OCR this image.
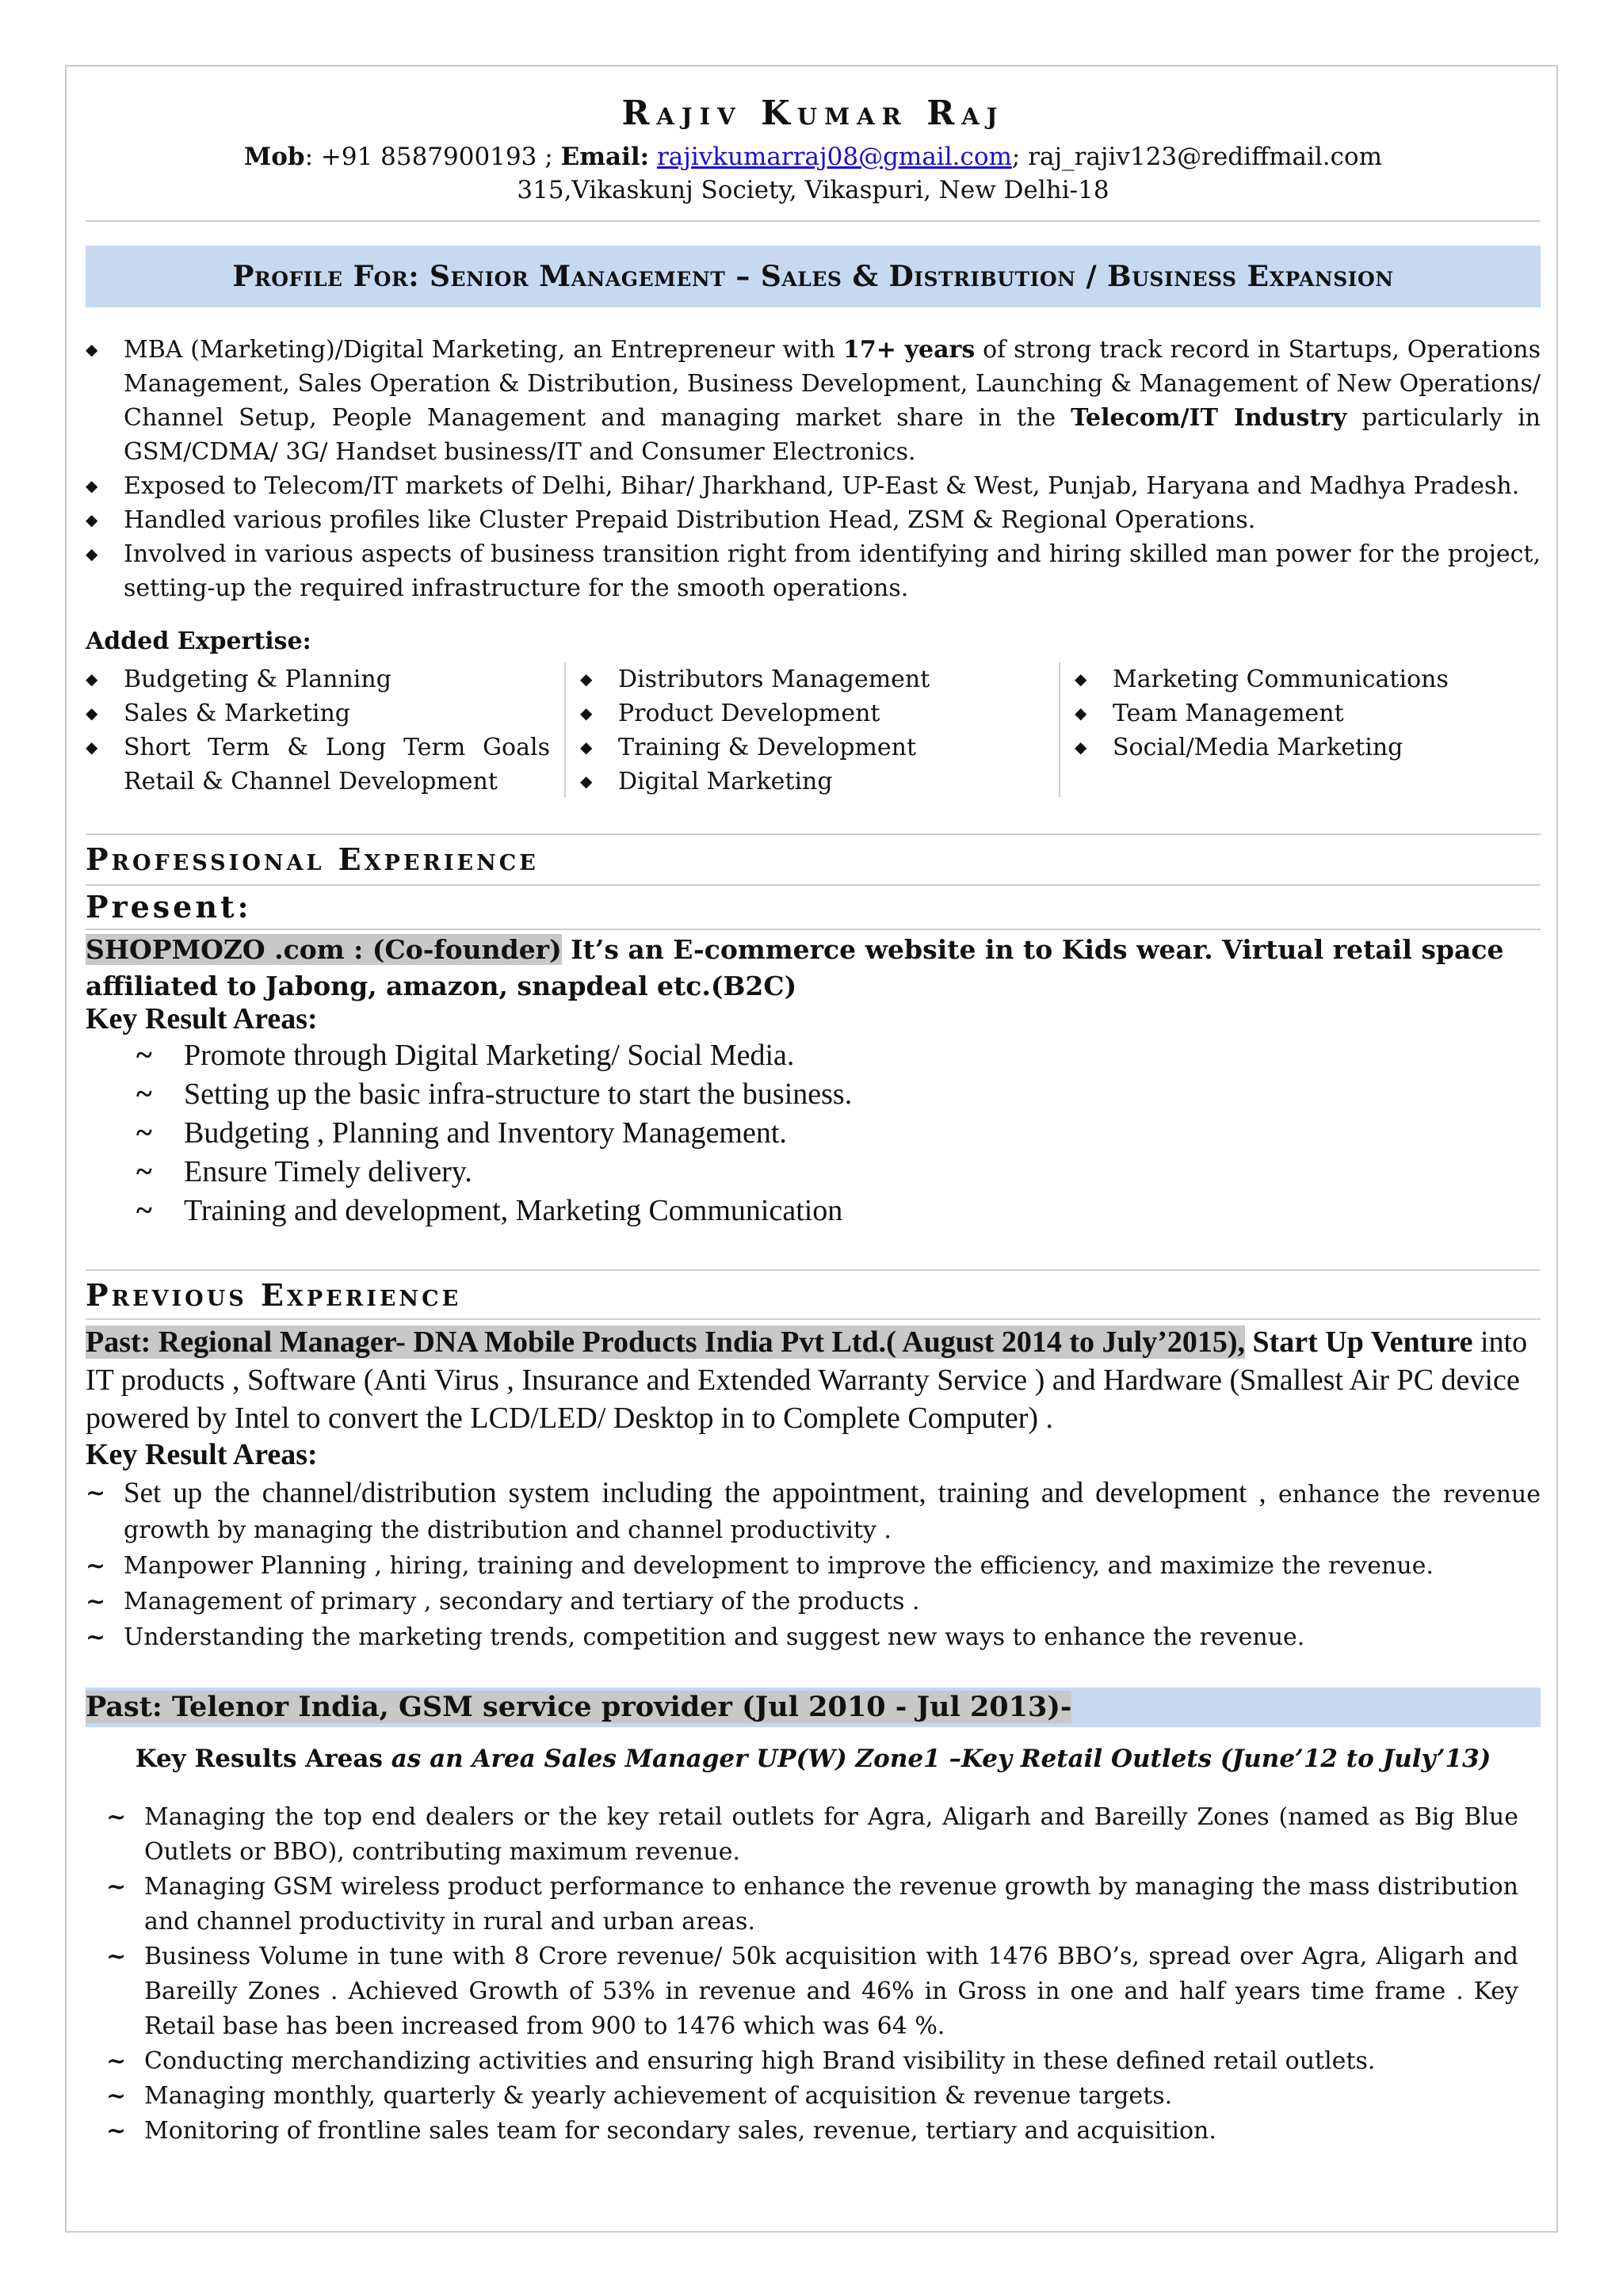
Rajiv Kumar Raj
Mob: +91 8587900193 ; Email: rajivkumarraj08@gmail.com; raj_rajiv123@rediffmail.com
315,Vikaskunj Society, Vikaspuri, New Delhi-18
Profile For: Senior Management – Sales & Distribution / Business Expansion
◆ MBA (Marketing)/Digital Marketing, an Entrepreneur with 17+ years of strong track record in Startups, Operations Management, Sales Operation & Distribution, Business Development, Launching & Management of New Operations/ Channel Setup, People Management and managing market share in the Telecom/IT Industry particularly in GSM/CDMA/ 3G/ Handset business/IT and Consumer Electronics.
◆ Exposed to Telecom/IT markets of Delhi, Bihar/ Jharkhand, UP-East & West, Punjab, Haryana and Madhya Pradesh.
◆ Handled various profiles like Cluster Prepaid Distribution Head, ZSM & Regional Operations.
◆ Involved in various aspects of business transition right from identifying and hiring skilled man power for the project, setting-up the required infrastructure for the smooth operations.
Added Expertise:
◆ Budgeting & Planning
◆ Sales & Marketing
◆ Short Term & Long Term Goals Retail & Channel Development
◆ Distributors Management
◆ Product Development
◆ Training & Development
◆ Digital Marketing
◆ Marketing Communications
◆ Team Management
◆ Social/Media Marketing
Professional Experience
Present:
SHOPMOZO .com : (Co-founder) It’s an E-commerce website in to Kids wear. Virtual retail space affiliated to Jabong, amazon, snapdeal etc.(B2C)
Key Result Areas:
~ Promote through Digital Marketing/ Social Media.
~ Setting up the basic infra-structure to start the business.
~ Budgeting , Planning and Inventory Management.
~ Ensure Timely delivery.
~ Training and development, Marketing Communication
Previous Experience
Past: Regional Manager- DNA Mobile Products India Pvt Ltd.( August 2014 to July’2015), Start Up Venture into IT products , Software (Anti Virus , Insurance and Extended Warranty Service ) and Hardware (Smallest Air PC device powered by Intel to convert the LCD/LED/ Desktop in to Complete Computer) .
Key Result Areas:
~ Set up the channel/distribution system including the appointment, training and development , enhance the revenue growth by managing the distribution and channel productivity .
~ Manpower Planning , hiring, training and development to improve the efficiency, and maximize the revenue.
~ Management of primary , secondary and tertiary of the products .
~ Understanding the marketing trends, competition and suggest new ways to enhance the revenue.
Past: Telenor India, GSM service provider (Jul 2010 - Jul 2013)-
Key Results Areas as an Area Sales Manager UP(W) Zone1 –Key Retail Outlets (June’12 to July’13)
~ Managing the top end dealers or the key retail outlets for Agra, Aligarh and Bareilly Zones (named as Big Blue Outlets or BBO), contributing maximum revenue.
~ Managing GSM wireless product performance to enhance the revenue growth by managing the mass distribution and channel productivity in rural and urban areas.
~ Business Volume in tune with 8 Crore revenue/ 50k acquisition with 1476 BBO’s, spread over Agra, Aligarh and Bareilly Zones . Achieved Growth of 53% in revenue and 46% in Gross in one and half years time frame . Key Retail base has been increased from 900 to 1476 which was 64 %.
~ Conducting merchandizing activities and ensuring high Brand visibility in these defined retail outlets.
~ Managing monthly, quarterly & yearly achievement of acquisition & revenue targets.
~ Monitoring of frontline sales team for secondary sales, revenue, tertiary and acquisition.
